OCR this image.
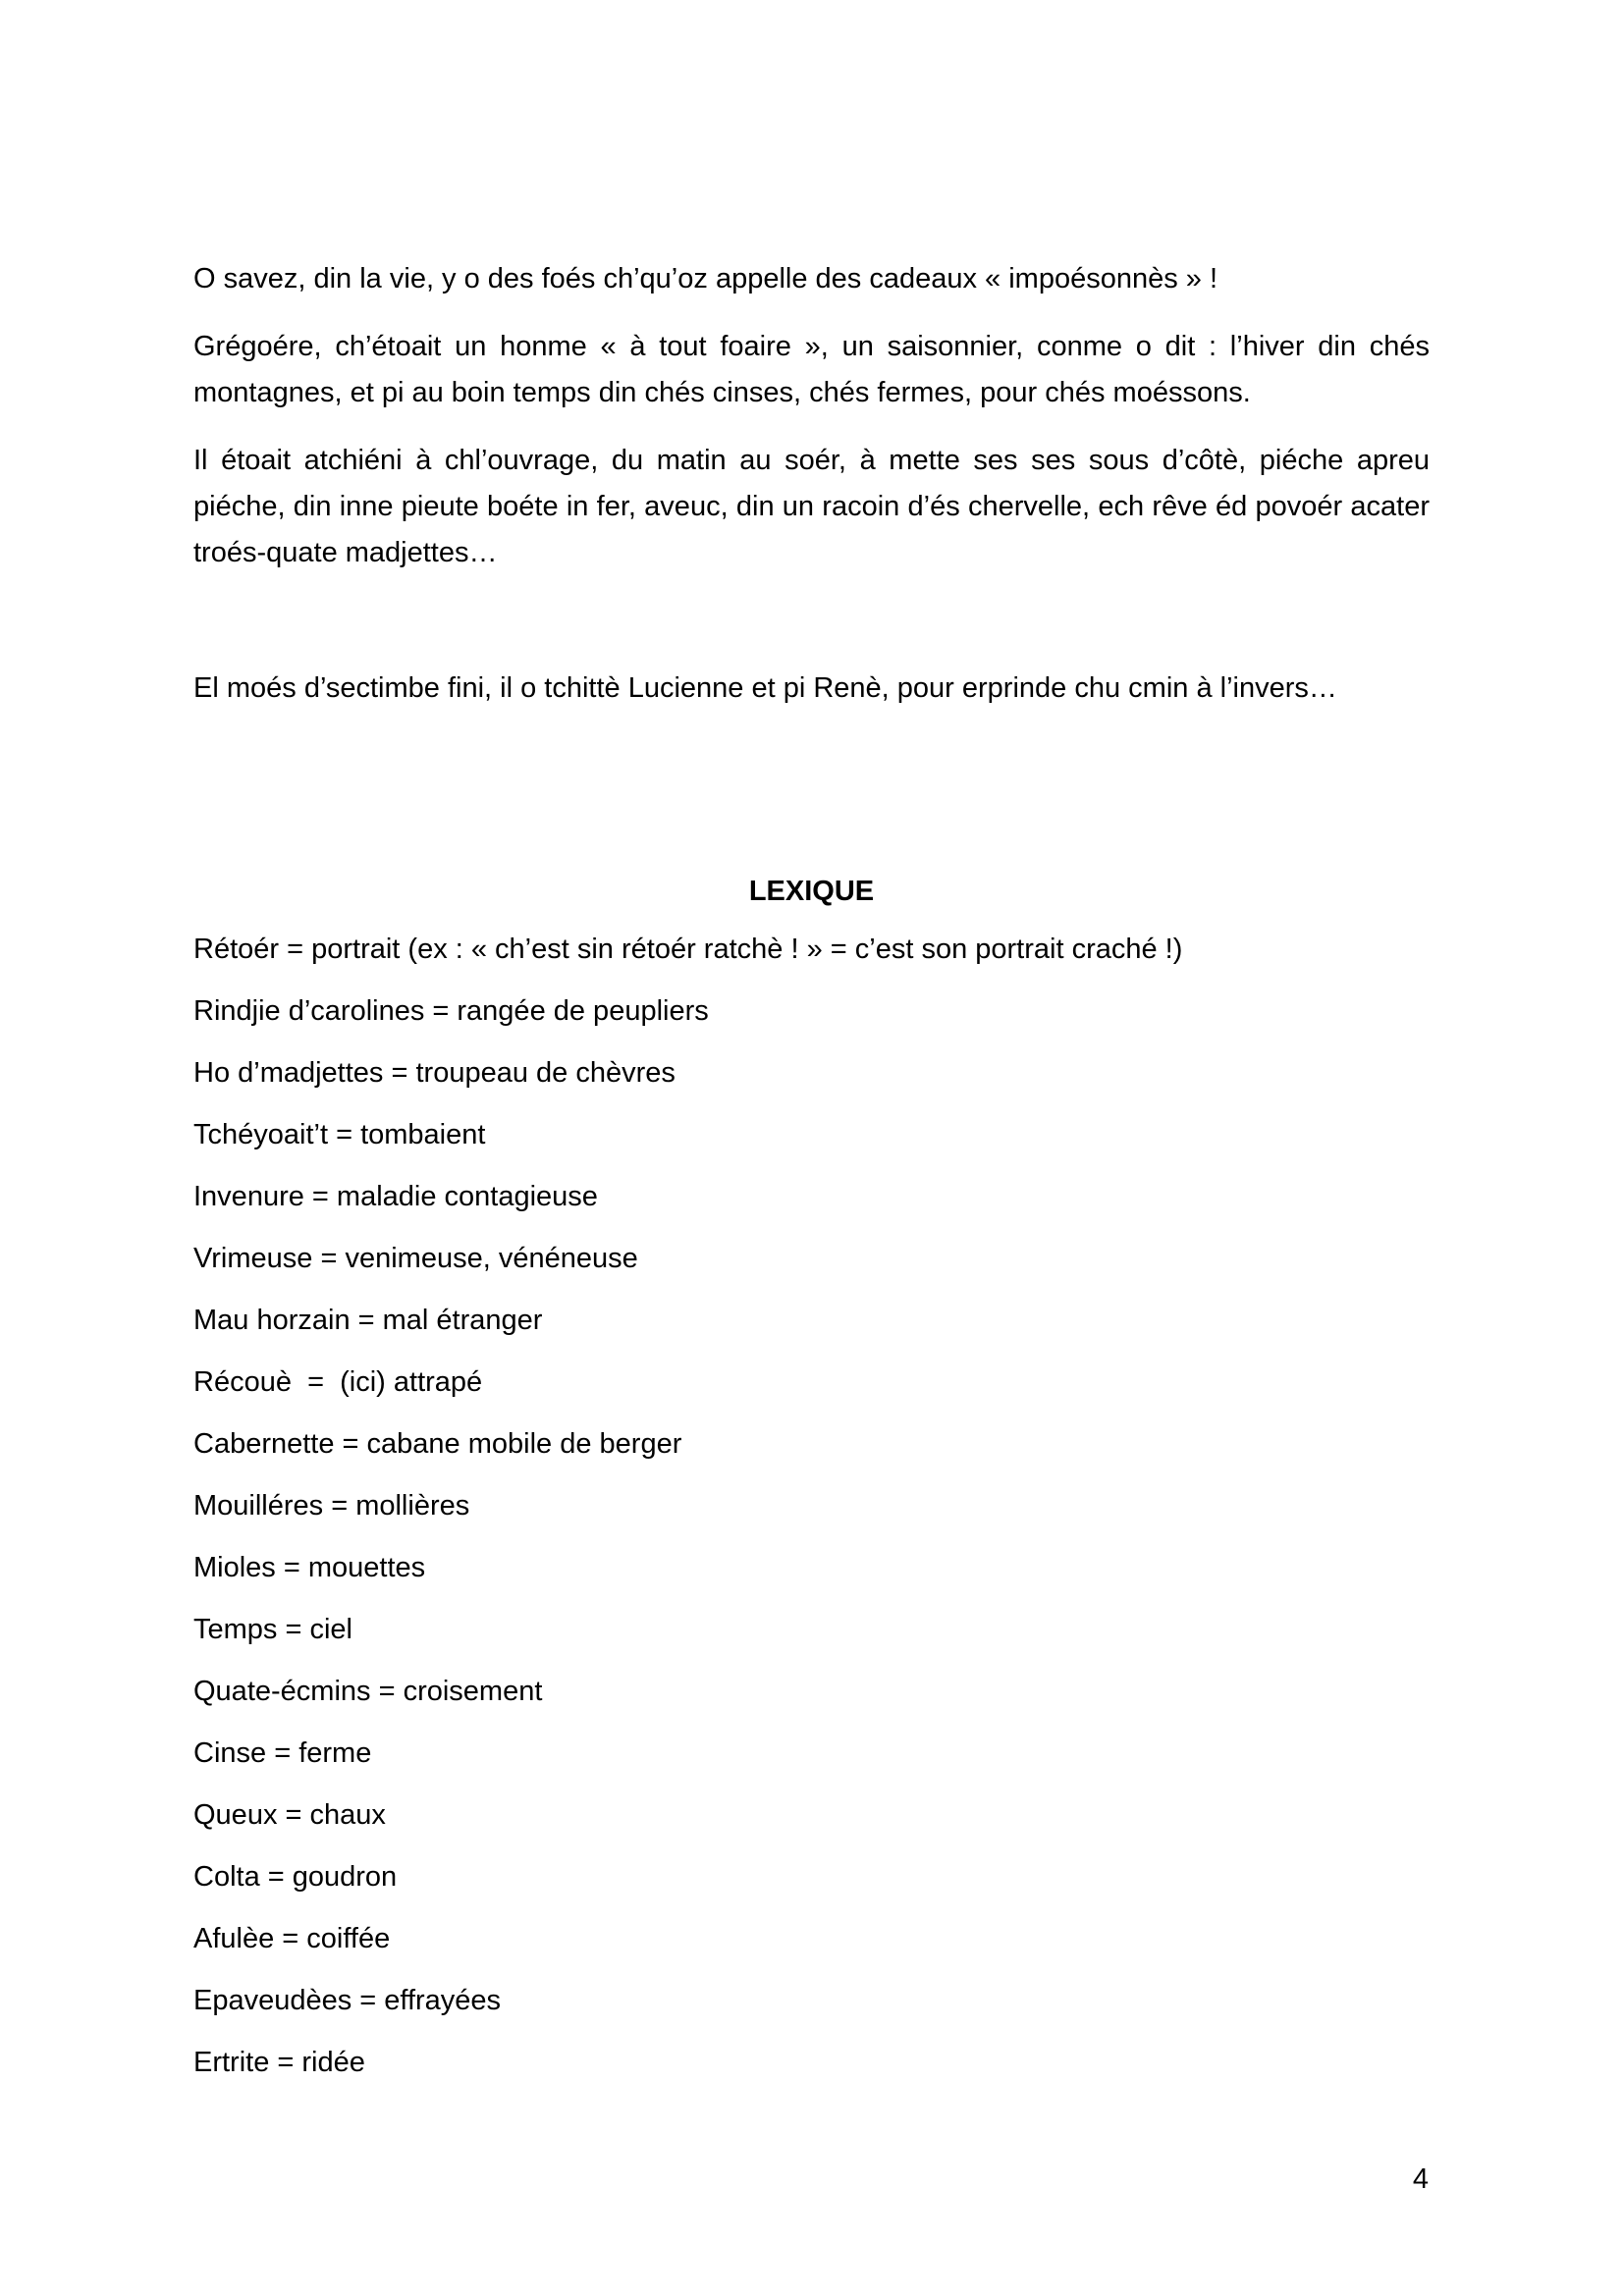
O savez, din la vie, y o des foés ch’qu’oz appelle des cadeaux « impoésonnès » !

Grégoére, ch’étoait un honme « à tout foaire », un saisonnier, conme o dit : l’hiver din chés montagnes, et pi au boin temps din chés cinses, chés fermes, pour chés moéssons.

Il étoait atchiéni à chl’ouvrage, du matin au soér, à mette ses ses sous d’côtè, piéche apreu piéche, din inne pieute boéte in fer, aveuc, din un racoin d’és chervelle, ech rêve éd povoér acater troés-quate madjettes…

El moés d’sectimbe fini, il o tchittè Lucienne et pi Renè, pour erprinde chu cmin à l’invers…

LEXIQUE

Rétoér = portrait (ex : « ch’est sin rétoér ratchè ! » = c’est son portrait craché !)

Rindjie d’carolines = rangée de peupliers

Ho d’madjettes = troupeau de chèvres

Tchéyoait’t = tombaient

Invenure = maladie contagieuse

Vrimeuse = venimeuse, vénéneuse

Mau horzain = mal étranger

Récouè  =  (ici) attrapé

Cabernette = cabane mobile de berger

Mouilléres = mollières

Mioles = mouettes

Temps = ciel

Quate-écmins = croisement

Cinse = ferme

Queux = chaux

Colta = goudron

Afulèe = coiffée

Epaveudèes = effrayées

Ertrite = ridée

4
